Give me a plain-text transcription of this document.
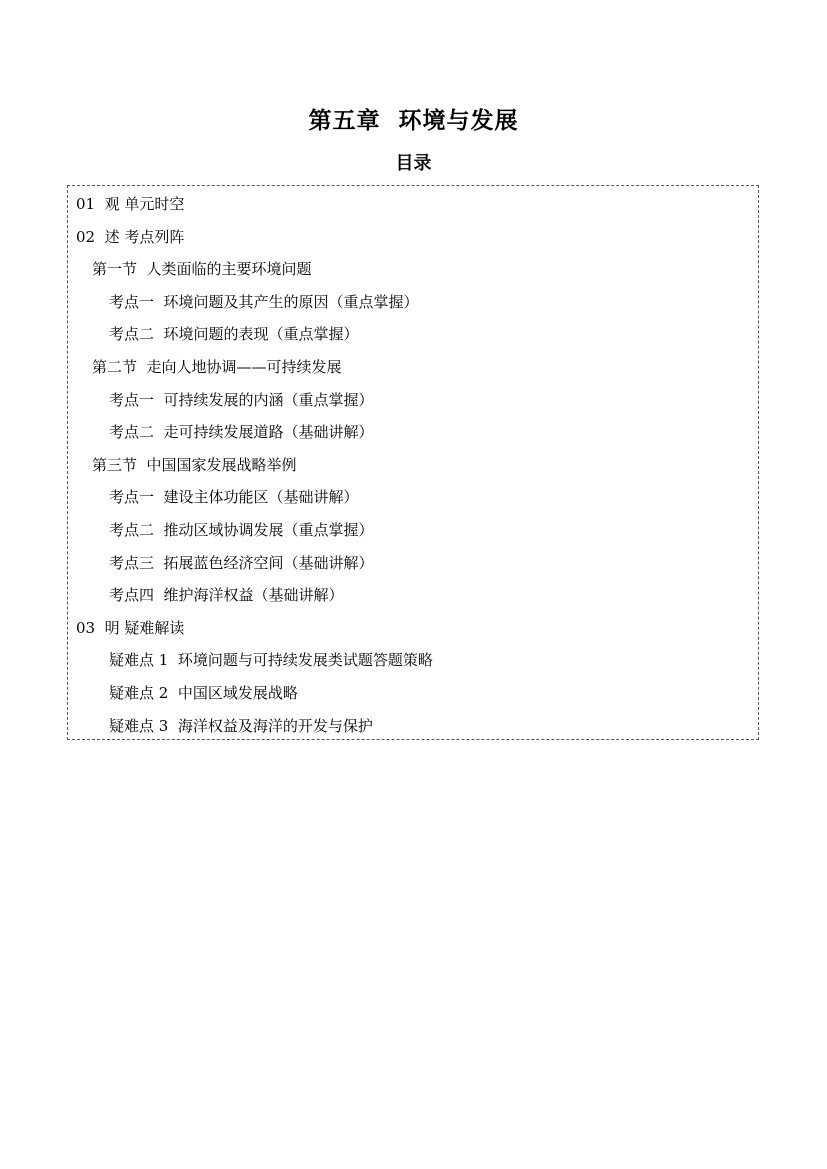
第五章  环境与发展
目录
01  观 单元时空
02  述 考点列阵
第一节  人类面临的主要环境问题
考点一  环境问题及其产生的原因（重点掌握）
考点二  环境问题的表现（重点掌握）
第二节  走向人地协调——可持续发展
考点一  可持续发展的内涵（重点掌握）
考点二  走可持续发展道路（基础讲解）
第三节  中国国家发展战略举例
考点一  建设主体功能区（基础讲解）
考点二  推动区域协调发展（重点掌握）
考点三  拓展蓝色经济空间（基础讲解）
考点四  维护海洋权益（基础讲解）
03  明 疑难解读
疑难点 1  环境问题与可持续发展类试题答题策略
疑难点 2  中国区域发展战略
疑难点 3  海洋权益及海洋的开发与保护
